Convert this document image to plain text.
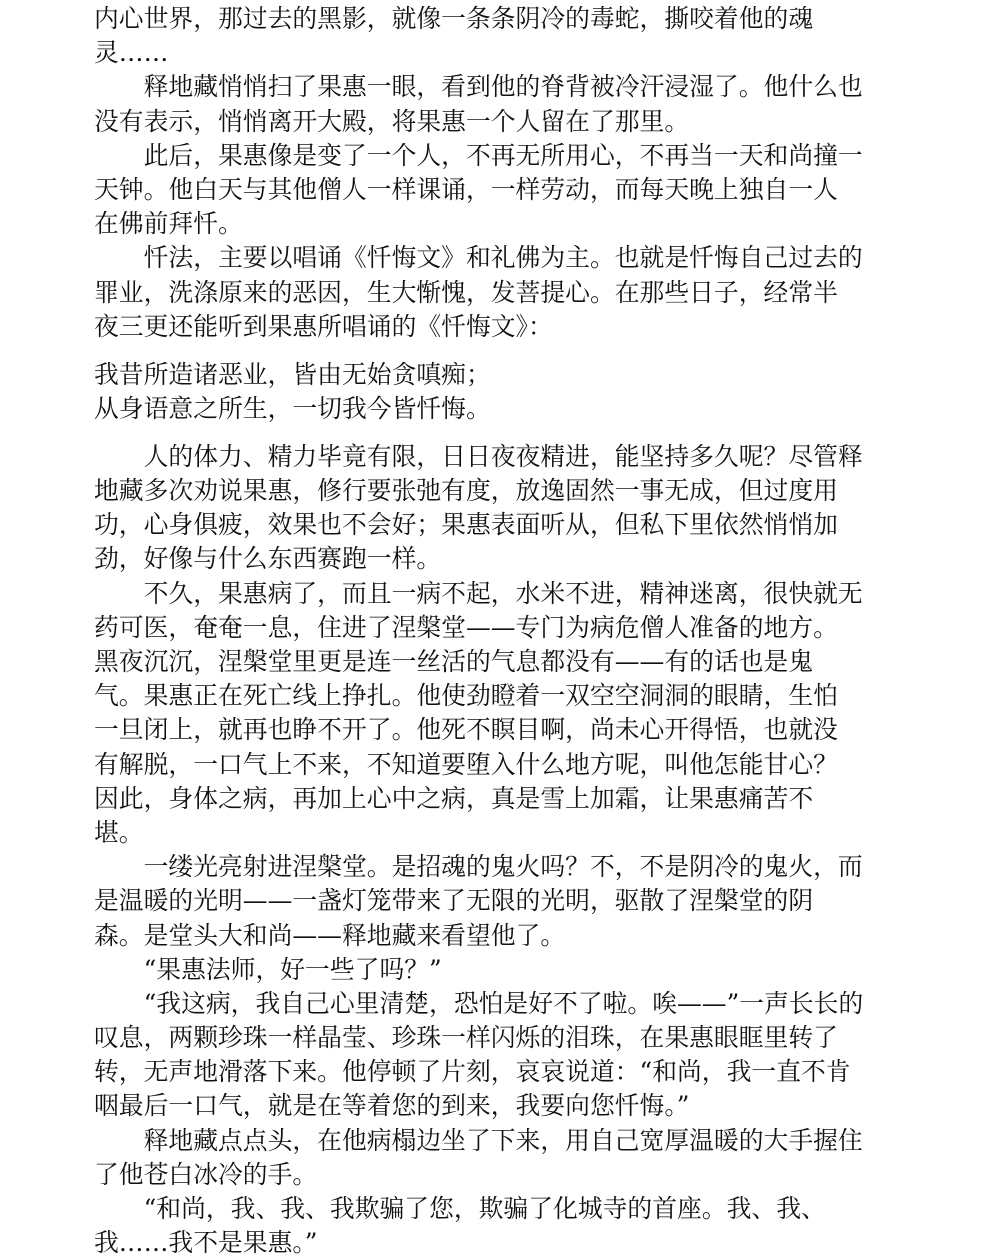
内心世界，那过去的黑影，就像一条条阴冷的毒蛇，撕咬着他的魂
灵……
　　释地藏悄悄扫了果惠一眼，看到他的脊背被冷汗浸湿了。他什么也
没有表示，悄悄离开大殿，将果惠一个人留在了那里。
　　此后，果惠像是变了一个人，不再无所用心，不再当一天和尚撞一
天钟。他白天与其他僧人一样课诵，一样劳动，而每天晚上独自一人
在佛前拜忏。
　　忏法，主要以唱诵《忏悔文》和礼佛为主。也就是忏悔自己过去的
罪业，洗涤原来的恶因，生大惭愧，发菩提心。在那些日子，经常半
夜三更还能听到果惠所唱诵的《忏悔文》：
我昔所造诸恶业，皆由无始贪嗔痴；
从身语意之所生，一切我今皆忏悔。
　　人的体力、精力毕竟有限，日日夜夜精进，能坚持多久呢？尽管释
地藏多次劝说果惠，修行要张弛有度，放逸固然一事无成，但过度用
功，心身俱疲，效果也不会好；果惠表面听从，但私下里依然悄悄加
劲，好像与什么东西赛跑一样。
　　不久，果惠病了，而且一病不起，水米不进，精神迷离，很快就无
药可医，奄奄一息，住进了涅槃堂——专门为病危僧人准备的地方。
黑夜沉沉，涅槃堂里更是连一丝活的气息都没有——有的话也是鬼
气。果惠正在死亡线上挣扎。他使劲瞪着一双空空洞洞的眼睛，生怕
一旦闭上，就再也睁不开了。他死不瞑目啊，尚未心开得悟，也就没
有解脱，一口气上不来，不知道要堕入什么地方呢，叫他怎能甘心？
因此，身体之病，再加上心中之病，真是雪上加霜，让果惠痛苦不
堪。
　　一缕光亮射进涅槃堂。是招魂的鬼火吗？不，不是阴冷的鬼火，而
是温暖的光明——一盏灯笼带来了无限的光明，驱散了涅槃堂的阴
森。是堂头大和尚——释地藏来看望他了。
　　“果惠法师，好一些了吗？”
　　“我这病，我自己心里清楚，恐怕是好不了啦。唉——”一声长长的
叹息，两颗珍珠一样晶莹、珍珠一样闪烁的泪珠，在果惠眼眶里转了
转，无声地滑落下来。他停顿了片刻，哀哀说道：“和尚，我一直不肯
咽最后一口气，就是在等着您的到来，我要向您忏悔。”
　　释地藏点点头，在他病榻边坐了下来，用自己宽厚温暖的大手握住
了他苍白冰冷的手。
　　“和尚，我、我、我欺骗了您，欺骗了化城寺的首座。我、我、
我……我不是果惠。”
